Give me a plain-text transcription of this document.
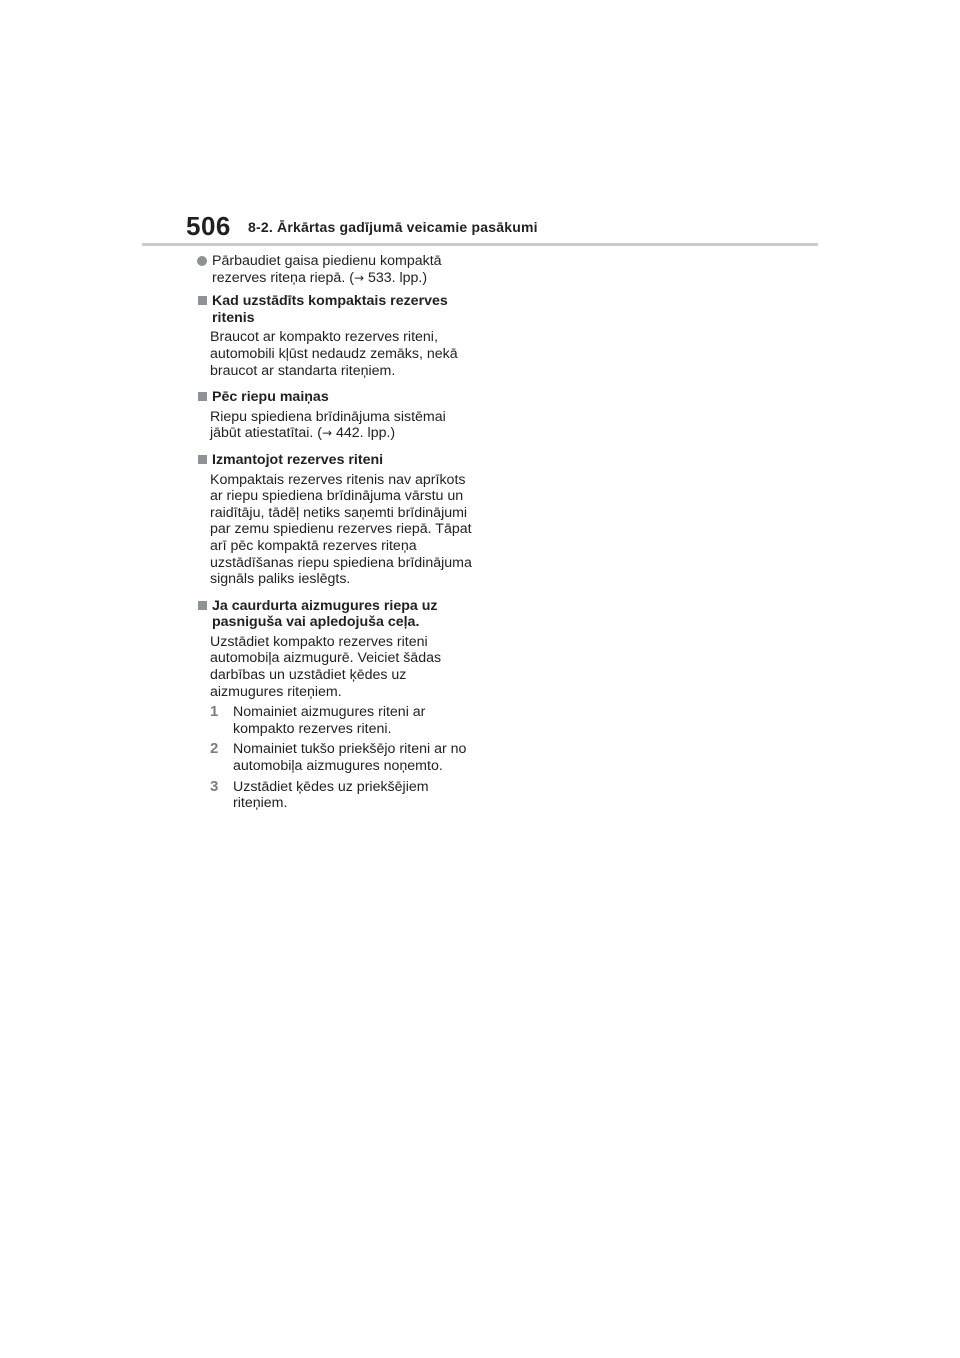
506 8-2. Ārkārtas gadījumā veicamie pasākumi

Pārbaudiet gaisa piedienu kompaktā rezerves riteņa riepā. (→ 533. lpp.)

Kad uzstādīts kompaktais rezerves ritenis

Braucot ar kompakto rezerves riteni, automobili kļūst nedaudz zemāks, nekā braucot ar standarta riteņiem.

Pēc riepu maiņas

Riepu spiediena brīdinājuma sistēmai jābūt atiestatītai. (→ 442. lpp.)

Izmantojot rezerves riteni

Kompaktais rezerves ritenis nav aprīkots ar riepu spiediena brīdinājuma vārstu un raidītāju, tādēļ netiks saņemti brīdinājumi par zemu spiedienu rezerves riepā. Tāpat arī pēc kompaktā rezerves riteņa uzstādīšanas riepu spiediena brīdinājuma signāls paliks ieslēgts.

Ja caurdurta aizmugures riepa uz pasniguša vai apledojuša ceļa.

Uzstādiet kompakto rezerves riteni automobiļa aizmugurē. Veiciet šādas darbības un uzstādiet ķēdes uz aizmugures riteņiem.

1 Nomainiet aizmugures riteni ar kompakto rezerves riteni.
2 Nomainiet tukšo priekšējo riteni ar no automobiļa aizmugures noņemto.
3 Uzstādiet ķēdes uz priekšējiem riteņiem.
